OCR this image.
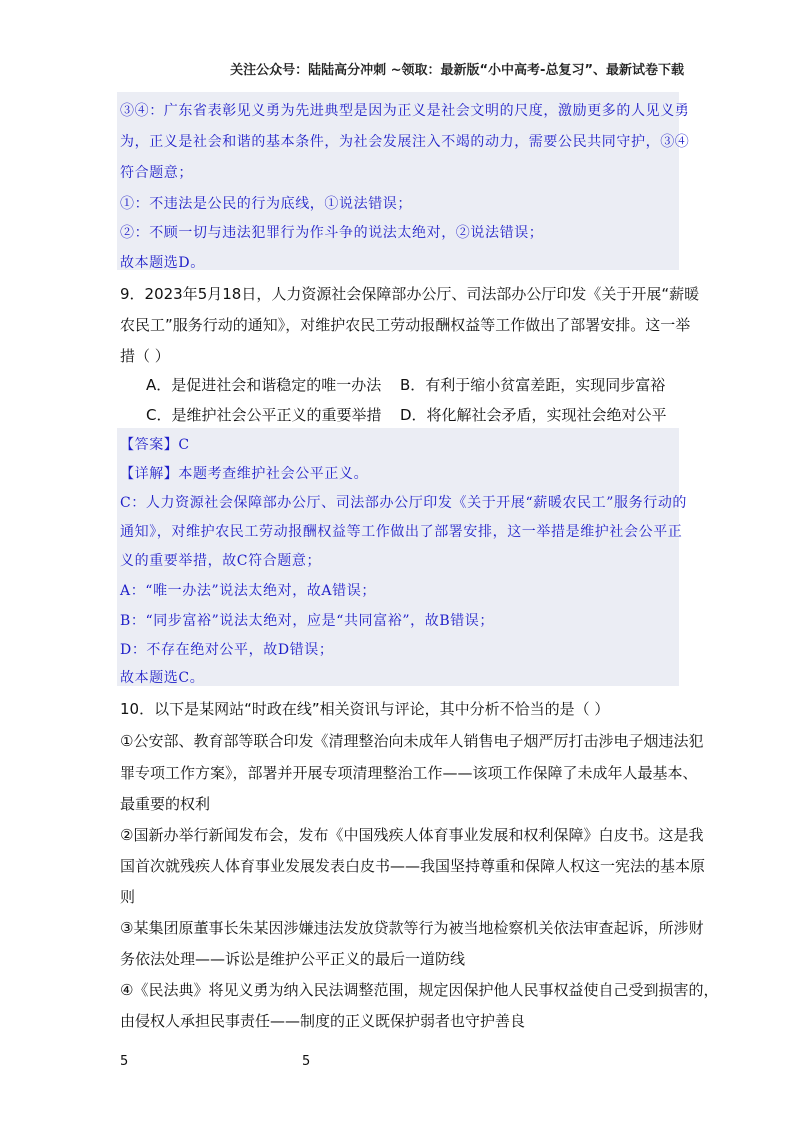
关注公众号：陆陆高分冲刺 ~领取：最新版“小中高考-总复习”、最新试卷下载
③④：广东省表彰见义勇为先进典型是因为正义是社会文明的尺度，激励更多的人见义勇
为，正义是社会和谐的基本条件，为社会发展注入不竭的动力，需要公民共同守护，③④
符合题意；
①：不违法是公民的行为底线，①说法错误；
②：不顾一切与违法犯罪行为作斗争的说法太绝对，②说法错误；
故本题选D。
9．2023年5月18日，人力资源社会保障部办公厅、司法部办公厅印发《关于开展“薪暖
农民工”服务行动的通知》，对维护农民工劳动报酬权益等工作做出了部署安排。这一举
措（ ）
A．是促进社会和谐稳定的唯一办法 B．有利于缩小贫富差距，实现同步富裕
C．是维护社会公平正义的重要举措 D．将化解社会矛盾，实现社会绝对公平
【答案】C
【详解】本题考查维护社会公平正义。
C：人力资源社会保障部办公厅、司法部办公厅印发《关于开展“薪暖农民工”服务行动的
通知》，对维护农民工劳动报酬权益等工作做出了部署安排，这一举措是维护社会公平正
义的重要举措，故C符合题意；
A：“唯一办法”说法太绝对，故A错误；
B：“同步富裕”说法太绝对，应是“共同富裕”，故B错误；
D：不存在绝对公平，故D错误；
故本题选C。
10．以下是某网站“时政在线”相关资讯与评论，其中分析不恰当的是（ ）
①公安部、教育部等联合印发《清理整治向未成年人销售电子烟严厉打击涉电子烟违法犯
罪专项工作方案》，部署并开展专项清理整治工作——该项工作保障了未成年人最基本、
最重要的权利
②国新办举行新闻发布会，发布《中国残疾人体育事业发展和权利保障》白皮书。这是我
国首次就残疾人体育事业发展发表白皮书——我国坚持尊重和保障人权这一宪法的基本原
则
③某集团原董事长朱某因涉嫌违法发放贷款等行为被当地检察机关依法审查起诉，所涉财
务依法处理——诉讼是维护公平正义的最后一道防线
④《民法典》将见义勇为纳入民法调整范围，规定因保护他人民事权益使自己受到损害的，
由侵权人承担民事责任——制度的正义既保护弱者也守护善良
5	5
